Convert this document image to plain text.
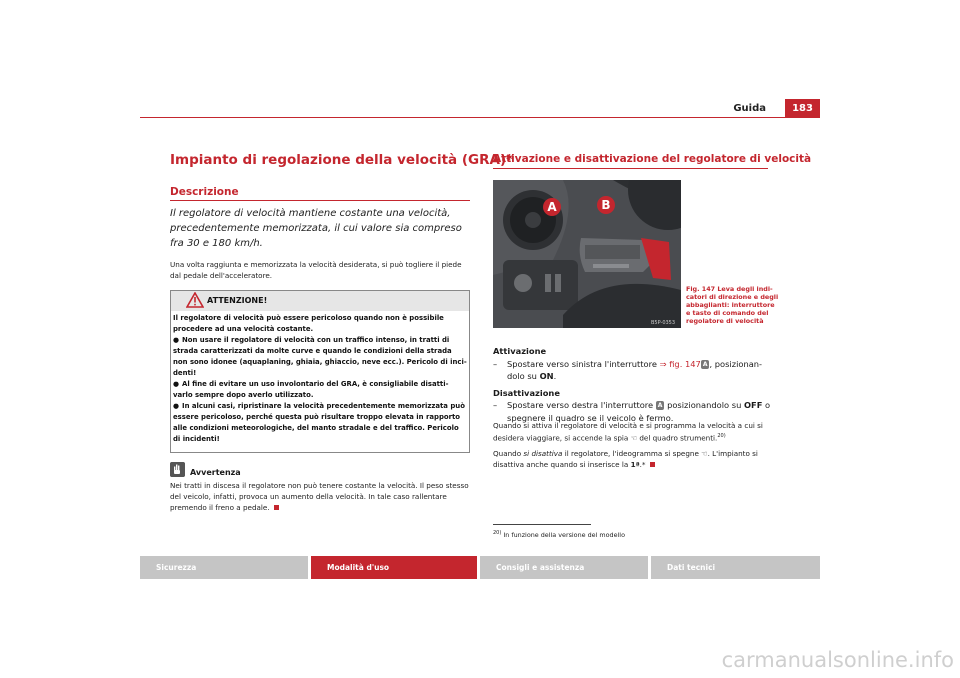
Guida	183
Impianto di regolazione della velocità (GRA)*
Descrizione
Il regolatore di velocità mantiene costante una velocità, precedentemente memorizzata, il cui valore sia compreso fra 30 e 180 km/h.
Una volta raggiunta e memorizzata la velocità desiderata, si può togliere il piede dal pedale dell'acceleratore.
ATTENZIONE!

Il regolatore di velocità può essere pericoloso quando non è possibile procedere ad una velocità costante.

● Non usare il regolatore di velocità con un traffico intenso, in tratti di strada caratterizzati da molte curve e quando le condizioni della strada non sono idonee (aquaplaning, ghiaia, ghiaccio, neve ecc.). Pericolo di inci-denti!

● Al fine di evitare un uso involontario del GRA, è consigliabile disatti-varlo sempre dopo averlo utilizzato.

● In alcuni casi, ripristinare la velocità precedentemente memorizzata può essere pericoloso, perché questa può risultare troppo elevata in rapporto alle condizioni meteorologiche, del manto stradale e del traffico. Pericolo di incidenti!

Avvertenza
Nei tratti in discesa il regolatore non può tenere costante la velocità. Il peso stesso del veicolo, infatti, provoca un aumento della velocità. In tale caso rallentare premendo il freno a pedale.
Attivazione e disattivazione del regolatore di velocità
A	B
B5P-0353
Fig. 147 Leva degli indi-catori di direzione e degli abbaglianti: interruttore e tasto di comando del regolatore di velocità

Attivazione

– Spostare verso sinistra l'interruttore ⇒ fig. 147 A , posizionan-

dolo su ON.

Disattivazione

– Spostare verso destra l'interruttore A posizionandolo su OFF o

spegnere il quadro se il veicolo è fermo.

Quando si attiva il regolatore di velocità e si programma la velocità a cui si desidera viaggiare, si accende la spia ☜ del quadro strumenti.$^{20)}$

Quando si disattiva il regolatore, l'ideogramma si spegne ☜. L'impianto si disattiva anche quando si inserisce la 1ª.*

$^{20)}$ In funzione della versione del modello
Sicurezza	Modalità d'uso	Consigli e assistenza	Dati tecnici
carmanualsonline.info
